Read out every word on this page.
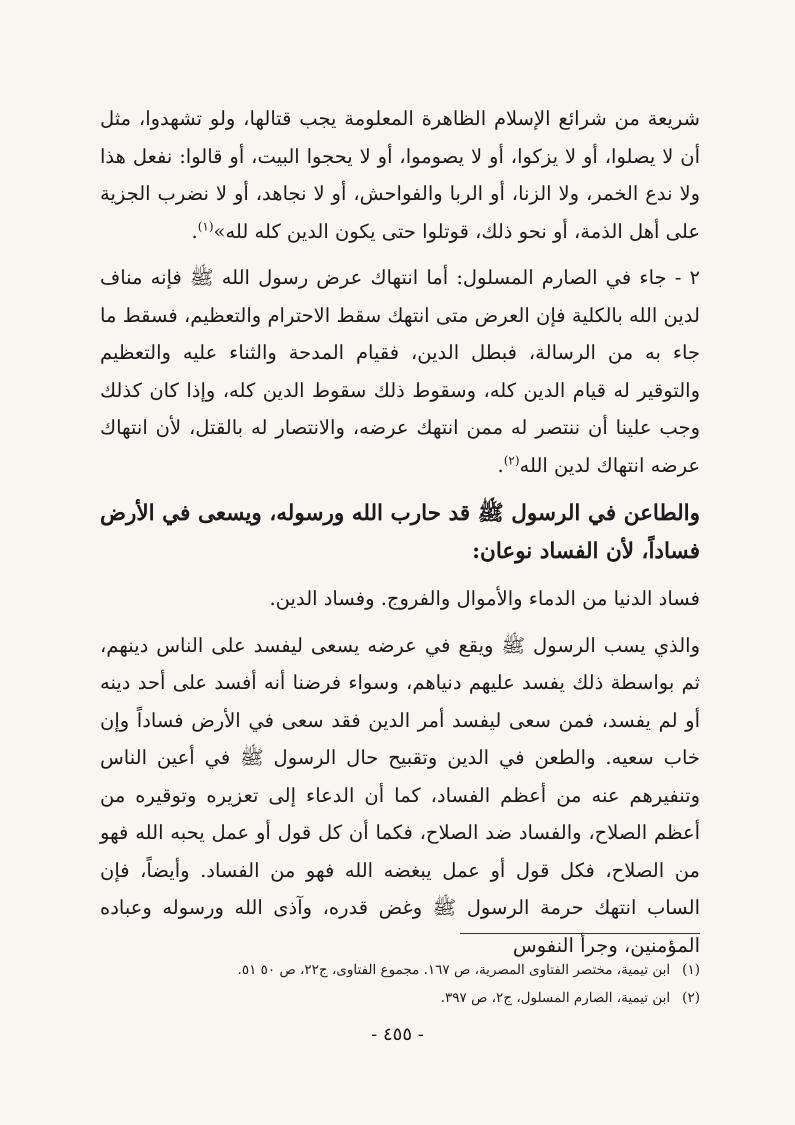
شريعة من شرائع الإسلام الظاهرة المعلومة يجب قتالها، ولو تشهدوا، مثل أن لا يصلوا، أو لا يزكوا، أو لا يصوموا، أو لا يحجوا البيت، أو قالوا: نفعل هذا ولا ندع الخمر، ولا الزنا، أو الربا والفواحش، أو لا نجاهد، أو لا نضرب الجزية على أهل الذمة، أو نحو ذلك، قوتلوا حتى يكون الدين كله لله»$^{(١)}$.

٢ - جاء في الصارم المسلول: أما انتهاك عرض رسول الله ﷺ فإنه مناف لدين الله بالكلية فإن العرض متى انتهك سقط الاحترام والتعظيم، فسقط ما جاء به من الرسالة، فبطل الدين، فقيام المدحة والثناء عليه والتعظيم والتوقير له قيام الدين كله، وسقوط ذلك سقوط الدين كله، وإذا كان كذلك وجب علينا أن ننتصر له ممن انتهك عرضه، والانتصار له بالقتل، لأن انتهاك عرضه انتهاك لدين الله$^{(٢)}$.

والطاعن في الرسول ﷺ قد حارب الله ورسوله، ويسعى في الأرض فساداً، لأن الفساد نوعان:

فساد الدنيا من الدماء والأموال والفروج. وفساد الدين.

والذي يسب الرسول ﷺ ويقع في عرضه يسعى ليفسد على الناس دينهم، ثم بواسطة ذلك يفسد عليهم دنياهم، وسواء فرضنا أنه أفسد على أحد دينه أو لم يفسد، فمن سعى ليفسد أمر الدين فقد سعى في الأرض فساداً وإن خاب سعيه. والطعن في الدين وتقبيح حال الرسول ﷺ في أعين الناس وتنفيرهم عنه من أعظم الفساد، كما أن الدعاء إلى تعزيره وتوقيره من أعظم الصلاح، والفساد ضد الصلاح، فكما أن كل قول أو عمل يحبه الله فهو من الصلاح، فكل قول أو عمل يبغضه الله فهو من الفساد. وأيضاً، فإن الساب انتهك حرمة الرسول ﷺ وغض قدره، وآذى الله ورسوله وعباده المؤمنين، وجرأ النفوس

(١)ابن تيمية، مختصر الفتاوى المصرية، ص ١٦٧. مجموع الفتاوى، ج٢٢، ص ٥٠ ٥١.
(٢)ابن تيمية، الصارم المسلول، ج٢، ص ٣٩٧.
- ٤٥٥ -
